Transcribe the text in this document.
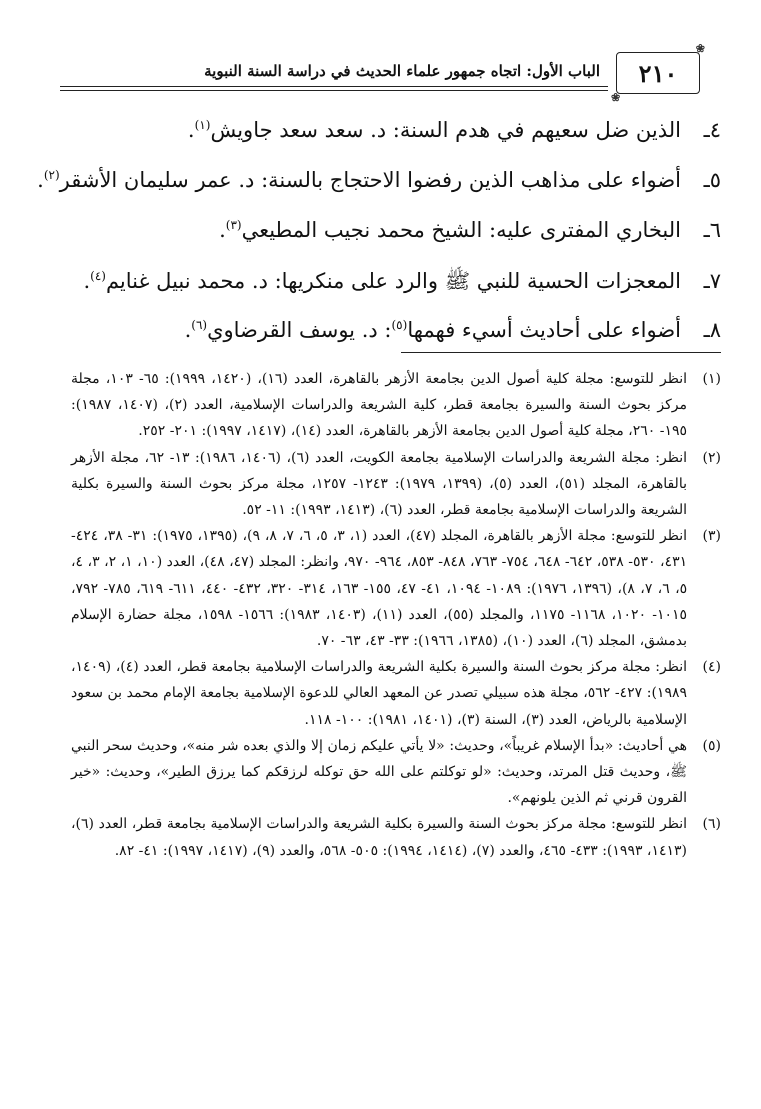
❀
٢١٠
❀
الباب الأول: اتجاه جمهور علماء الحديث في دراسة السنة النبوية
٤ـ
الذين ضل سعيهم في هدم السنة: د. سعد سعد جاويش$^{(١)}$.
٥ـ
أضواء على مذاهب الذين رفضوا الاحتجاج بالسنة: د. عمر سليمان الأشقر$^{(٢)}$.
٦ـ
البخاري المفترى عليه: الشيخ محمد نجيب المطيعي$^{(٣)}$.
٧ـ
المعجزات الحسية للنبي ﷺ والرد على منكريها: د. محمد نبيل غنايم$^{(٤)}$.
٨ـ
أضواء على أحاديث أسيء فهمها$^{(٥)}$: د. يوسف القرضاوي$^{(٦)}$.
(١)
انظر للتوسع: مجلة كلية أصول الدين بجامعة الأزهر بالقاهرة، العدد (١٦)، (١٤٢٠، ١٩٩٩): ٦٥- ١٠٣، مجلة مركز بحوث السنة والسيرة بجامعة قطر، كلية الشريعة والدراسات الإسلامية، العدد (٢)، (١٤٠٧، ١٩٨٧): ١٩٥- ٢٦٠، مجلة كلية أصول الدين بجامعة الأزهر بالقاهرة، العدد (١٤)، (١٤١٧، ١٩٩٧): ٢٠١- ٢٥٢.
(٢)
انظر: مجلة الشريعة والدراسات الإسلامية بجامعة الكويت، العدد (٦)، (١٤٠٦، ١٩٨٦): ١٣- ٦٢، مجلة الأزهر بالقاهرة، المجلد (٥١)، العدد (٥)، (١٣٩٩، ١٩٧٩): ١٢٤٣- ١٢٥٧، مجلة مركز بحوث السنة والسيرة بكلية الشريعة والدراسات الإسلامية بجامعة قطر، العدد (٦)، (١٤١٣، ١٩٩٣): ١١- ٥٢.
(٣)
انظر للتوسع: مجلة الأزهر بالقاهرة، المجلد (٤٧)، العدد (١، ٣، ٥، ٦، ٧، ٨، ٩)، (١٣٩٥، ١٩٧٥): ٣١- ٣٨، ٤٢٤- ٤٣١، ٥٣٠- ٥٣٨، ٦٤٢- ٦٤٨، ٧٥٤- ٧٦٣، ٨٤٨- ٨٥٣، ٩٦٤- ٩٧٠، وانظر: المجلد (٤٧، ٤٨)، العدد (١٠، ١، ٢، ٣، ٤، ٥، ٦، ٧، ٨)، (١٣٩٦، ١٩٧٦): ١٠٨٩- ١٠٩٤، ٤١- ٤٧، ١٥٥- ١٦٣، ٣١٤- ٣٢٠، ٤٣٢- ٤٤٠، ٦١١- ٦١٩، ٧٨٥- ٧٩٢، ١٠١٥- ١٠٢٠، ١١٦٨- ١١٧٥، والمجلد (٥٥)، العدد (١١)، (١٤٠٣، ١٩٨٣): ١٥٦٦- ١٥٩٨، مجلة حضارة الإسلام بدمشق، المجلد (٦)، العدد (١٠)، (١٣٨٥، ١٩٦٦): ٣٣- ٤٣، ٦٣- ٧٠.
(٤)
انظر: مجلة مركز بحوث السنة والسيرة بكلية الشريعة والدراسات الإسلامية بجامعة قطر، العدد (٤)، (١٤٠٩، ١٩٨٩): ٤٢٧- ٥٦٢، مجلة هذه سبيلي تصدر عن المعهد العالي للدعوة الإسلامية بجامعة الإمام محمد بن سعود الإسلامية بالرياض، العدد (٣)، السنة (٣)، (١٤٠١، ١٩٨١): ١٠٠- ١١٨.
(٥)
هي أحاديث: «بدأ الإسلام غريباً»، وحديث: «لا يأتي عليكم زمان إلا والذي بعده شر منه»، وحديث سحر النبي ﷺ، وحديث قتل المرتد، وحديث: «لو توكلتم على الله حق توكله لرزقكم كما يرزق الطير»، وحديث: «خير القرون قرني ثم الذين يلونهم».
(٦)
انظر للتوسع: مجلة مركز بحوث السنة والسيرة بكلية الشريعة والدراسات الإسلامية بجامعة قطر، العدد (٦)، (١٤١٣، ١٩٩٣): ٤٣٣- ٤٦٥، والعدد (٧)، (١٤١٤، ١٩٩٤): ٥٠٥- ٥٦٨، والعدد (٩)، (١٤١٧، ١٩٩٧): ٤١- ٨٢.
